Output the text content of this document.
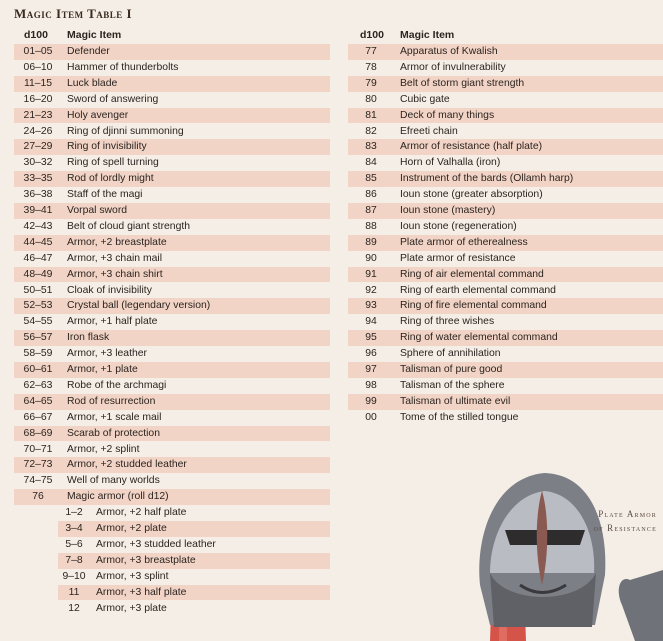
Magic Item Table I
d100 Magic Item
01–05	Defender
06–10	Hammer of thunderbolts
11–15	Luck blade
16–20	Sword of answering
21–23	Holy avenger
24–26	Ring of djinni summoning
27–29	Ring of invisibility
30–32	Ring of spell turning
33–35	Rod of lordly might
36–38	Staff of the magi
39–41	Vorpal sword
42–43	Belt of cloud giant strength
44–45	Armor, +2 breastplate
46–47	Armor, +3 chain mail
48–49	Armor, +3 chain shirt
50–51	Cloak of invisibility
52–53	Crystal ball (legendary version)
54–55	Armor, +1 half plate
56–57	Iron flask
58–59	Armor, +3 leather
60–61	Armor, +1 plate
62–63	Robe of the archmagi
64–65	Rod of resurrection
66–67	Armor, +1 scale mail
68–69	Scarab of protection
70–71	Armor, +2 splint
72–73	Armor, +2 studded leather
74–75	Well of many worlds
76	Magic armor (roll d12)
1–2	Armor, +2 half plate
3–4	Armor, +2 plate
5–6	Armor, +3 studded leather
7–8	Armor, +3 breastplate
9–10	Armor, +3 splint
11	Armor, +3 half plate
12	Armor, +3 plate
d100 Magic Item
77	Apparatus of Kwalish
78	Armor of invulnerability
79	Belt of storm giant strength
80	Cubic gate
81	Deck of many things
82	Efreeti chain
83	Armor of resistance (half plate)
84	Horn of Valhalla (iron)
85	Instrument of the bards (Ollamh harp)
86	Ioun stone (greater absorption)
87	Ioun stone (mastery)
88	Ioun stone (regeneration)
89	Plate armor of etherealness
90	Plate armor of resistance
91	Ring of air elemental command
92	Ring of earth elemental command
93	Ring of fire elemental command
94	Ring of three wishes
95	Ring of water elemental command
96	Sphere of annihilation
97	Talisman of pure good
98	Talisman of the sphere
99	Talisman of ultimate evil
00	Tome of the stilled tongue
Plate Armor
of Resistance
